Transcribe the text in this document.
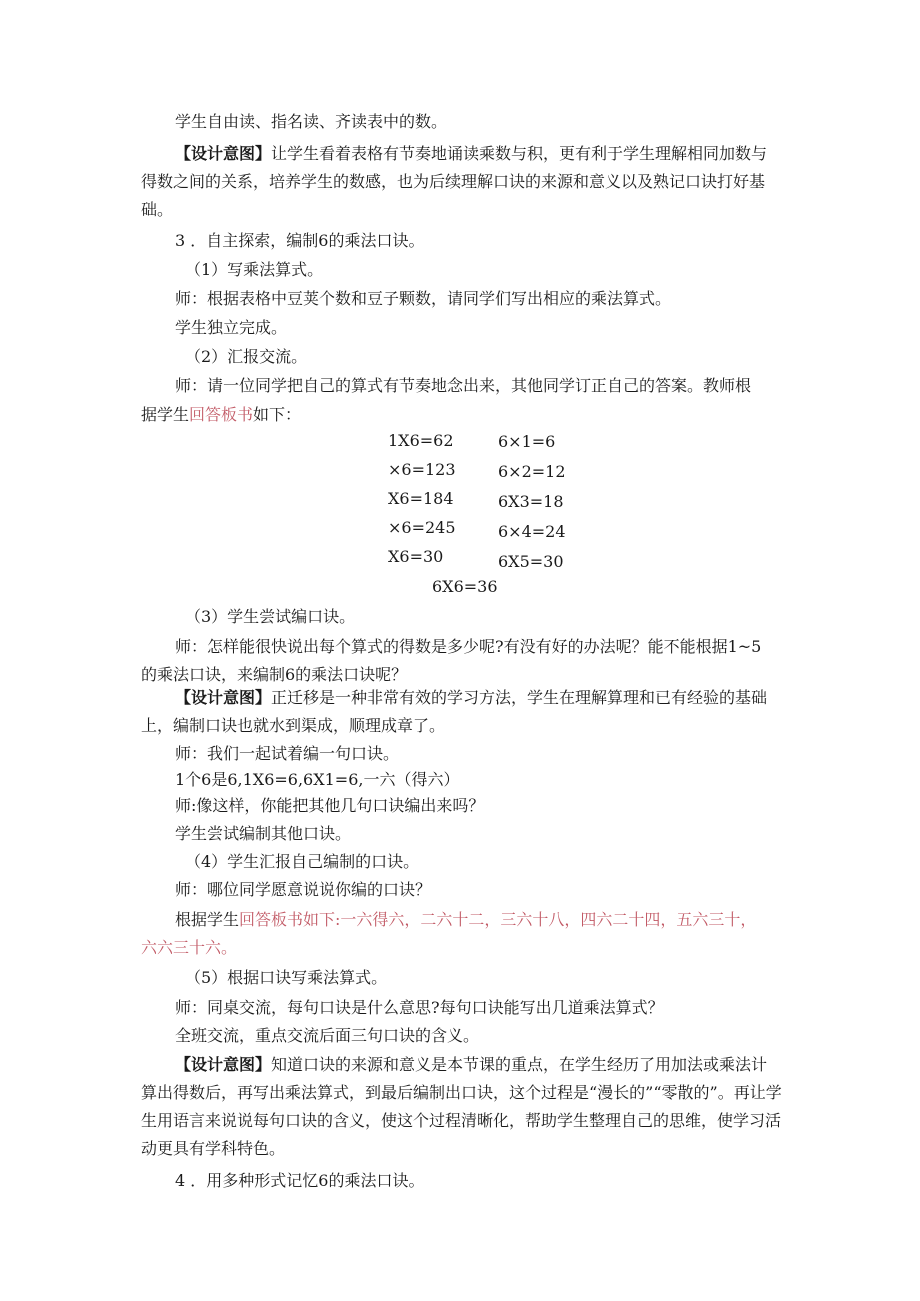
学生自由读、指名读、齐读表中的数。

【设计意图】让学生看着表格有节奏地诵读乘数与积，更有利于学生理解相同加数与得数之间的关系，培养学生的数感，也为后续理解口诀的来源和意义以及熟记口诀打好基础。

3 ．自主探索，编制6的乘法口诀。

（1）写乘法算式。

师：根据表格中豆荚个数和豆子颗数，请同学们写出相应的乘法算式。

学生独立完成。

（2）汇报交流。

师：请一位同学把自己的算式有节奏地念出来，其他同学订正自己的答案。教师根

据学生回答板书如下：

1X6=62
×6=123
X6=184
×6=245
X6=30
6×1=6
6×2=12
6X3=18
6×4=24
6X5=30
6X6=36

（3）学生尝试编口诀。

师：怎样能很快说出每个算式的得数是多少呢?有没有好的办法呢？能不能根据1~5

的乘法口诀，来编制6的乘法口诀呢？

【设计意图】正迁移是一种非常有效的学习方法，学生在理解算理和已有经验的基础上，编制口诀也就水到渠成，顺理成章了。

师：我们一起试着编一句口诀。

1个6是6,1X6=6,6X1=6,一六（得六）

师:像这样，你能把其他几句口诀编出来吗？

学生尝试编制其他口诀。

（4）学生汇报自己编制的口诀。

师：哪位同学愿意说说你编的口诀？

根据学生回答板书如下:一六得六，二六十二，三六十八，四六二十四，五六三十，

六六三十六。

（5）根据口诀写乘法算式。

师：同桌交流，每句口诀是什么意思?每句口诀能写出几道乘法算式？

全班交流，重点交流后面三句口诀的含义。

【设计意图】知道口诀的来源和意义是本节课的重点，在学生经历了用加法或乘法计算出得数后，再写出乘法算式，到最后编制出口诀，这个过程是“漫长的”“零散的”。再让学生用语言来说说每句口诀的含义，使这个过程清晰化，帮助学生整理自己的思维，使学习活动更具有学科特色。

4 ．用多种形式记忆6的乘法口诀。
